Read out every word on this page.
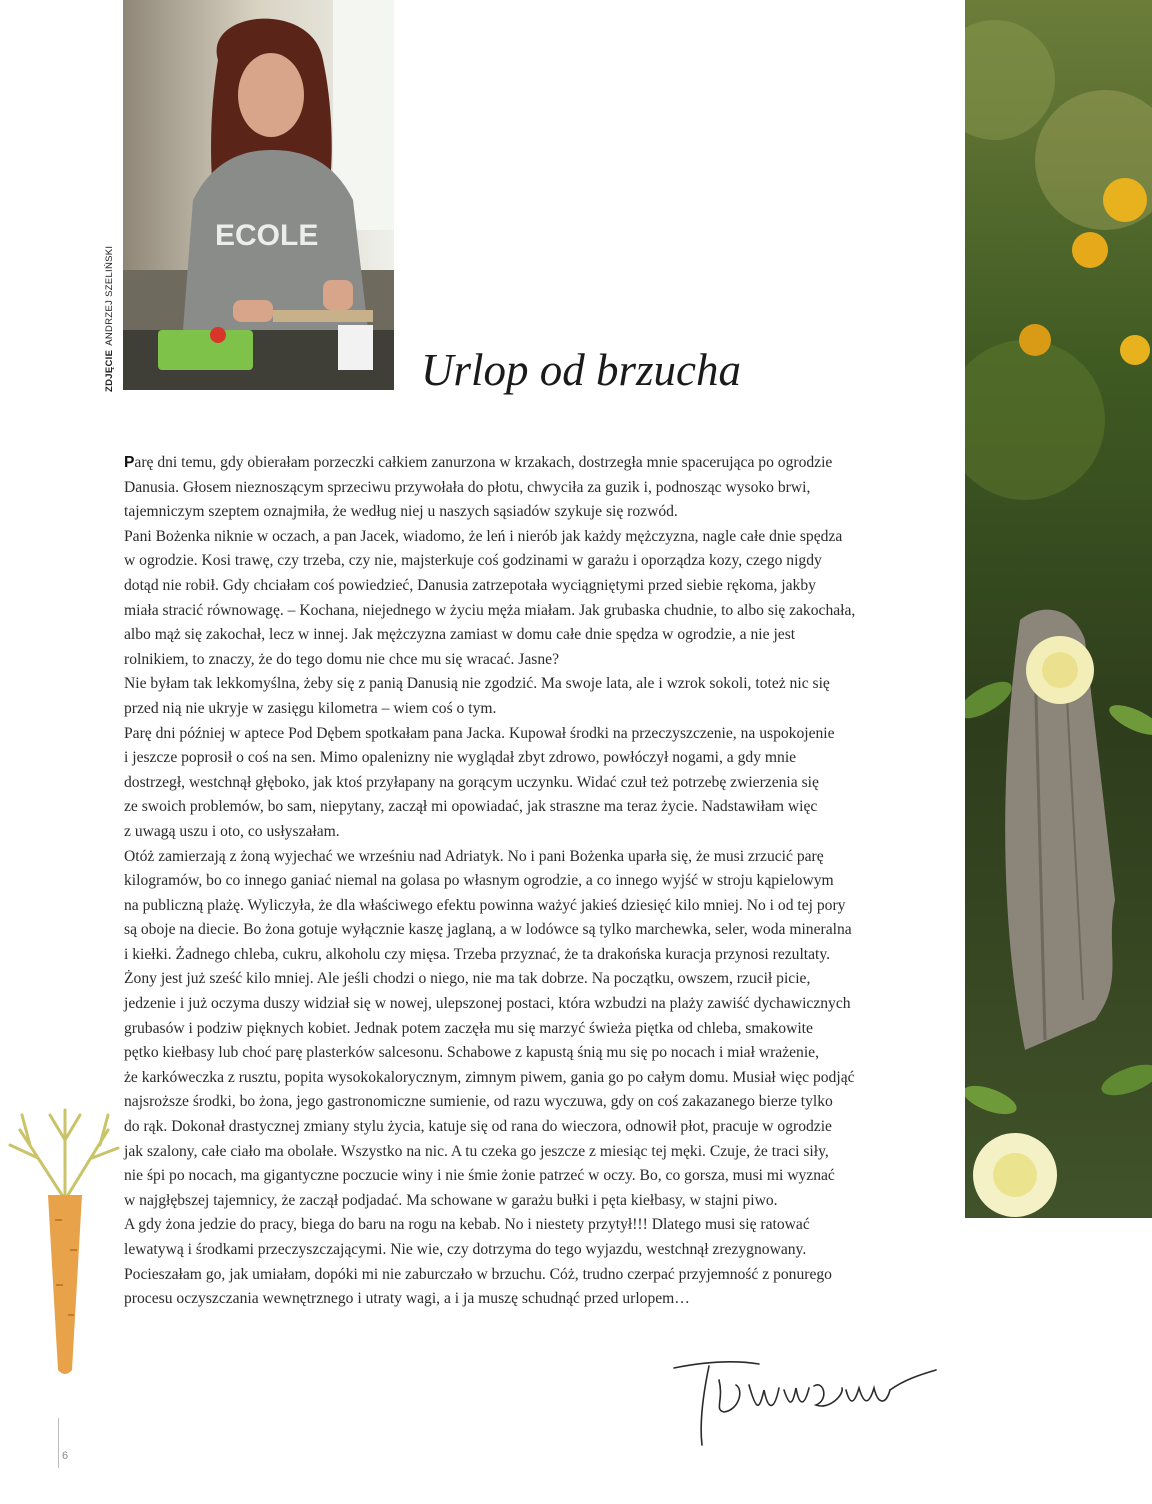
ECOLE
ZDJĘCIEANDRZEJ SZELIŃSKI
Urlop od brzucha
Parę dni temu, gdy obierałam porzeczki całkiem zanurzona w krzakach, dostrzegła mnie spacerująca po ogrodzie
Danusia. Głosem nieznoszącym sprzeciwu przywołała do płotu, chwyciła za guzik i, podnosząc wysoko brwi,
tajemniczym szeptem oznajmiła, że według niej u naszych sąsiadów szykuje się rozwód.
Pani Bożenka niknie w oczach, a pan Jacek, wiadomo, że leń i nierób jak każdy mężczyzna, nagle całe dnie spędza
w ogrodzie. Kosi trawę, czy trzeba, czy nie, majsterkuje coś godzinami w garażu i oporządza kozy, czego nigdy
dotąd nie robił. Gdy chciałam coś powiedzieć, Danusia zatrzepotała wyciągniętymi przed siebie rękoma, jakby
miała stracić równowagę. – Kochana, niejednego w życiu męża miałam. Jak grubaska chudnie, to albo się zakochała,
albo mąż się zakochał, lecz w innej. Jak mężczyzna zamiast w domu całe dnie spędza w ogrodzie, a nie jest
rolnikiem, to znaczy, że do tego domu nie chce mu się wracać. Jasne?
Nie byłam tak lekkomyślna, żeby się z panią Danusią nie zgodzić. Ma swoje lata, ale i wzrok sokoli, toteż nic się
przed nią nie ukryje w zasięgu kilometra – wiem coś o tym.
Parę dni później w aptece Pod Dębem spotkałam pana Jacka. Kupował środki na przeczyszczenie, na uspokojenie
i jeszcze poprosił o coś na sen. Mimo opalenizny nie wyglądał zbyt zdrowo, powłóczył nogami, a gdy mnie
dostrzegł, westchnął głęboko, jak ktoś przyłapany na gorącym uczynku. Widać czuł też potrzebę zwierzenia się
ze swoich problemów, bo sam, niepytany, zaczął mi opowiadać, jak straszne ma teraz życie. Nadstawiłam więc
z uwagą uszu i oto, co usłyszałam.
Otóż zamierzają z żoną wyjechać we wrześniu nad Adriatyk. No i pani Bożenka uparła się, że musi zrzucić parę
kilogramów, bo co innego ganiać niemal na golasa po własnym ogrodzie, a co innego wyjść w stroju kąpielowym
na publiczną plażę. Wyliczyła, że dla właściwego efektu powinna ważyć jakieś dziesięć kilo mniej. No i od tej pory
są oboje na diecie. Bo żona gotuje wyłącznie kaszę jaglaną, a w lodówce są tylko marchewka, seler, woda mineralna
i kiełki. Żadnego chleba, cukru, alkoholu czy mięsa. Trzeba przyznać, że ta drakońska kuracja przynosi rezultaty.
Żony jest już sześć kilo mniej. Ale jeśli chodzi o niego, nie ma tak dobrze. Na początku, owszem, rzucił picie,
jedzenie i już oczyma duszy widział się w nowej, ulepszonej postaci, która wzbudzi na plaży zawiść dychawicznych
grubasów i podziw pięknych kobiet. Jednak potem zaczęła mu się marzyć świeża piętka od chleba, smakowite
pętko kiełbasy lub choć parę plasterków salcesonu. Schabowe z kapustą śnią mu się po nocach i miał wrażenie,
że karkóweczka z rusztu, popita wysokokalorycznym, zimnym piwem, gania go po całym domu. Musiał więc podjąć
najsroższe środki, bo żona, jego gastronomiczne sumienie, od razu wyczuwa, gdy on coś zakazanego bierze tylko
do rąk. Dokonał drastycznej zmiany stylu życia, katuje się od rana do wieczora, odnowił płot, pracuje w ogrodzie
jak szalony, całe ciało ma obolałe. Wszystko na nic. A tu czeka go jeszcze z miesiąc tej męki. Czuje, że traci siły,
nie śpi po nocach, ma gigantyczne poczucie winy i nie śmie żonie patrzeć w oczy. Bo, co gorsza, musi mi wyznać
w najgłębszej tajemnicy, że zaczął podjadać. Ma schowane w garażu bułki i pęta kiełbasy, w stajni piwo.
A gdy żona jedzie do pracy, biega do baru na rogu na kebab. No i niestety przytył!!! Dlatego musi się ratować
lewatywą i środkami przeczyszczającymi. Nie wie, czy dotrzyma do tego wyjazdu, westchnął zrezygnowany.
Pocieszałam go, jak umiałam, dopóki mi nie zaburczało w brzuchu. Cóż, trudno czerpać przyjemność z ponurego
procesu oczyszczania wewnętrznego i utraty wagi, a i ja muszę schudnąć przed urlopem…
6
